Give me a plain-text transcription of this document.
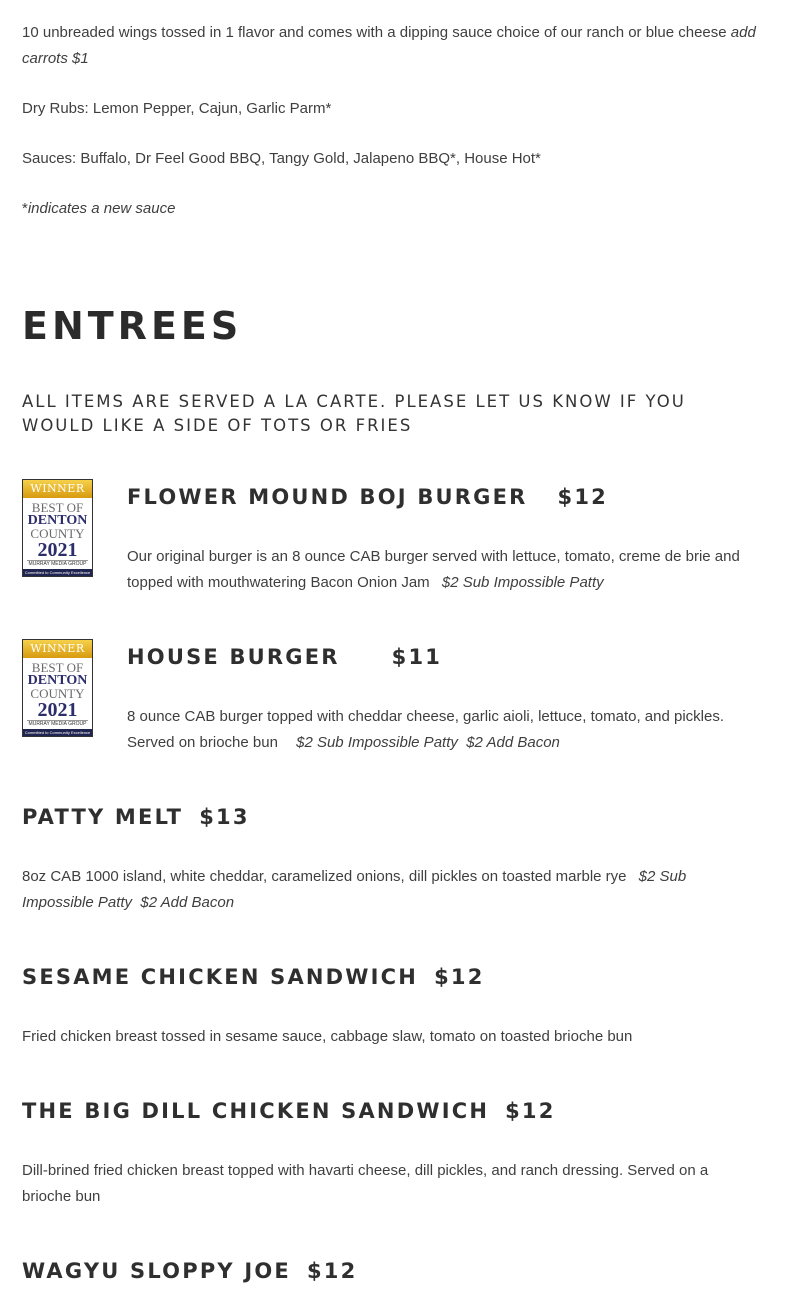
10 unbreaded wings tossed in 1 flavor and comes with a dipping sauce choice of our ranch or blue cheese add carrots $1

Dry Rubs: Lemon Pepper, Cajun, Garlic Parm*

Sauces: Buffalo, Dr Feel Good BBQ, Tangy Gold, Jalapeno BBQ*, House Hot*

*indicates a new sauce

ENTREES

ALL ITEMS ARE SERVED A LA CARTE. PLEASE LET US KNOW IF YOU WOULD LIKE A SIDE OF TOTS OR FRIES

WINNER
BEST OF
DENTON
COUNTY
2021
MURRAY MEDIA GROUP
Committed to Community Excellence
FLOWER MOUND BOJ BURGER $12

Our original burger is an 8 ounce CAB burger served with lettuce, tomato, creme de brie and topped with mouthwatering Bacon Onion Jam $2 Sub Impossible Patty

WINNER
BEST OF
DENTON
COUNTY
2021
MURRAY MEDIA GROUP
Committed to Community Excellence
HOUSE BURGER $11

8 ounce CAB burger topped with cheddar cheese, garlic aioli, lettuce, tomato, and pickles. Served on brioche bun $2 Sub Impossible Patty  $2 Add Bacon

PATTY MELT $13

8oz CAB 1000 island, white cheddar, caramelized onions, dill pickles on toasted marble rye $2 Sub Impossible Patty  $2 Add Bacon

SESAME CHICKEN SANDWICH $12

Fried chicken breast tossed in sesame sauce, cabbage slaw, tomato on toasted brioche bun

THE BIG DILL CHICKEN SANDWICH $12

Dill-brined fried chicken breast topped with havarti cheese, dill pickles, and ranch dressing. Served on a brioche bun

WAGYU SLOPPY JOE $12
